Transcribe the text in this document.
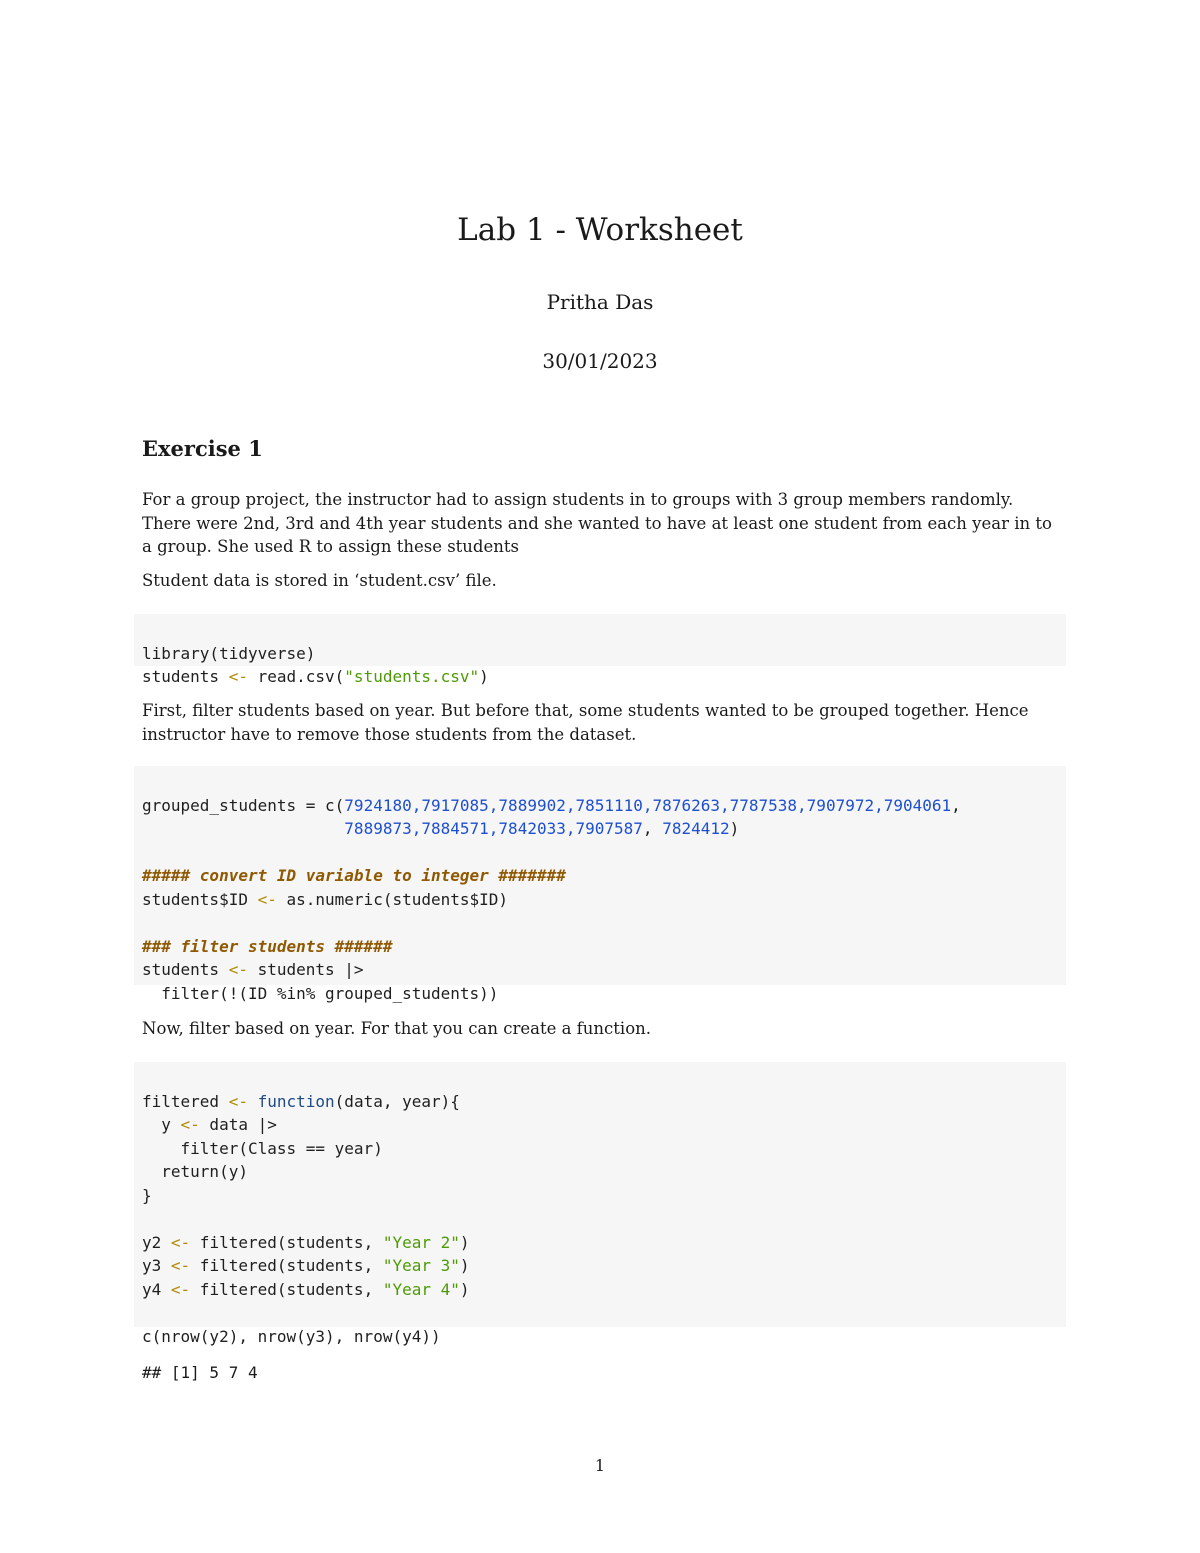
Lab 1 - Worksheet
Pritha Das
30/01/2023
Exercise 1
For a group project, the instructor had to assign students in to groups with 3 group members randomly. There were 2nd, 3rd and 4th year students and she wanted to have at least one student from each year in to a group. She used R to assign these students
Student data is stored in ‘student.csv’ file.

library(tidyverse)
students <- read.csv("students.csv")
First, filter students based on year. But before that, some students wanted to be grouped together. Hence instructor have to remove those students from the dataset.

grouped_students = c(7924180,7917085,7889902,7851110,7876263,7787538,7907972,7904061,
7889873,7884571,7842033,7907587, 7824412)
##### convert ID variable to integer #######
students$ID <- as.numeric(students$ID)
### filter students ######
students <- students |>
filter(!(ID %in% grouped_students))
Now, filter based on year. For that you can create a function.

filtered <- function(data, year){
y <- data |>
filter(Class == year)
return(y)
}
y2 <- filtered(students, "Year 2")
y3 <- filtered(students, "Year 3")
y4 <- filtered(students, "Year 4")
c(nrow(y2), nrow(y3), nrow(y4))
## [1] 5 7 4
1
